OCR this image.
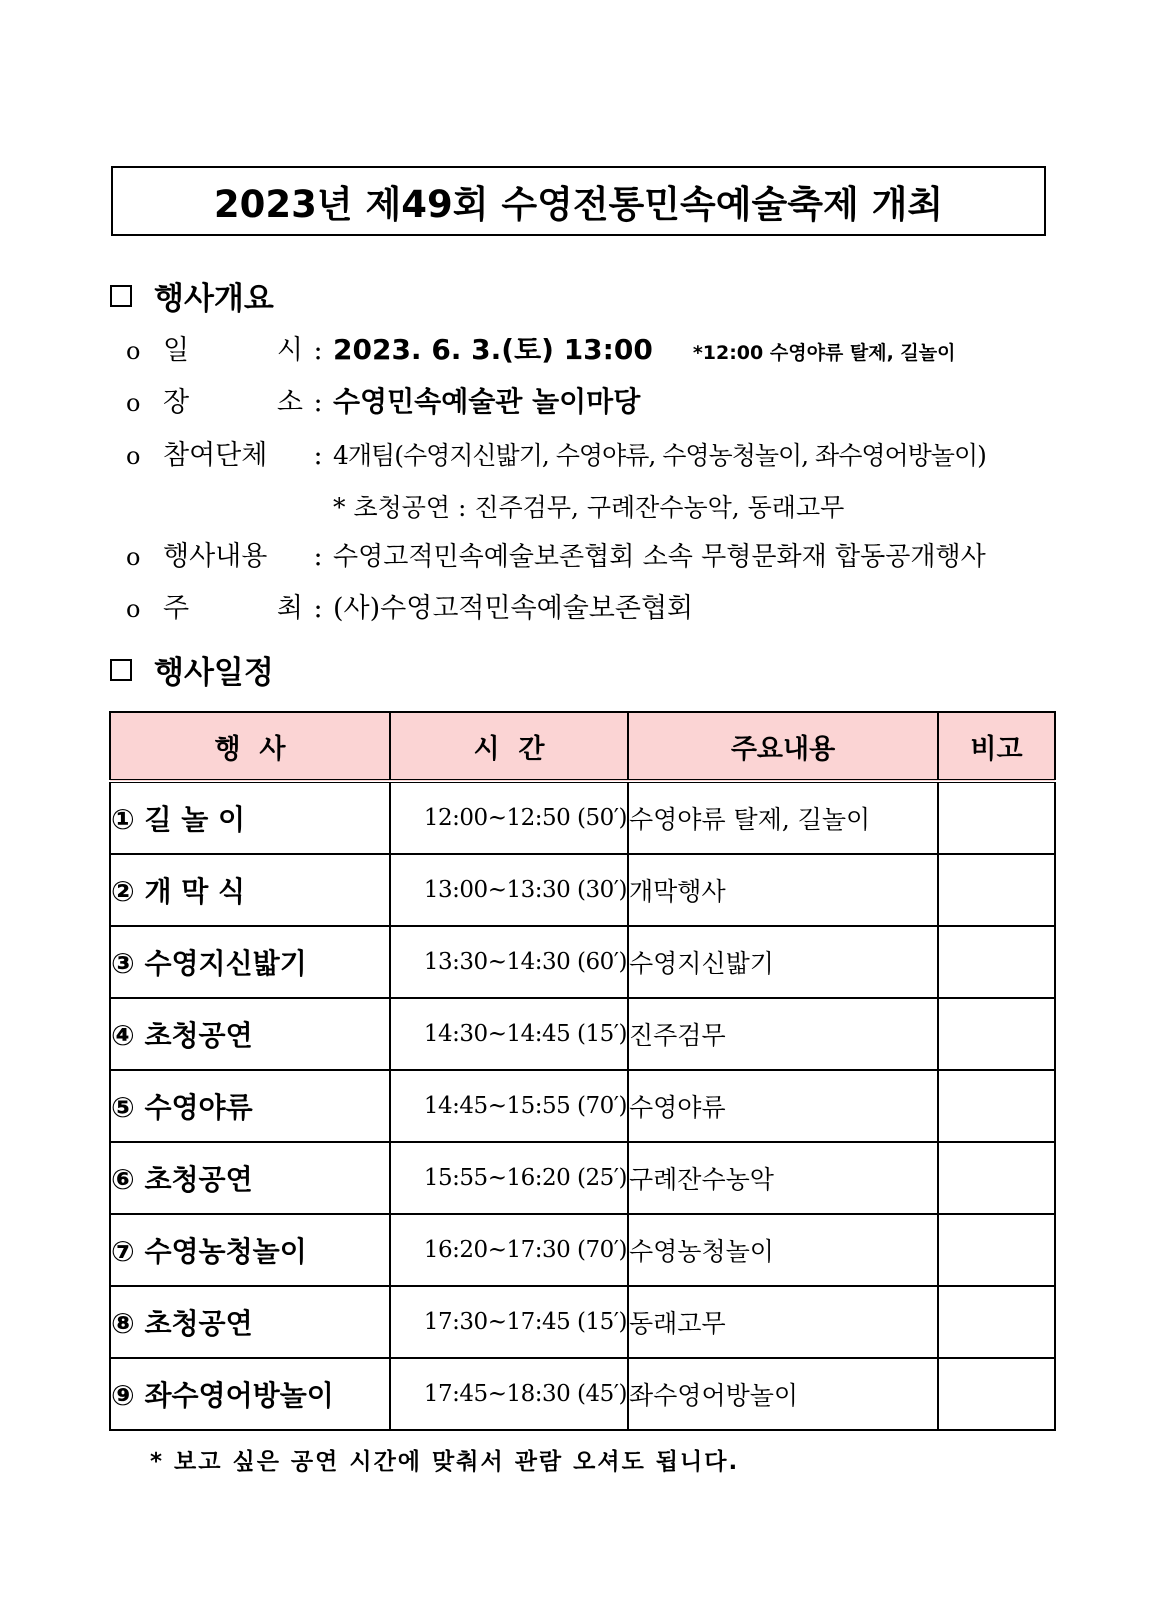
2023년 제49회 수영전통민속예술축제 개최
행사개요
o 일	시 : 2023. 6. 3.(토) 13:00 *12:00 수영야류 탈제, 길놀이
o 장	소 : 수영민속예술관 놀이마당
o 참여단체	: 4개팀(수영지신밟기, 수영야류, 수영농청놀이, 좌수영어방놀이)
* 초청공연 : 진주검무, 구례잔수농악, 동래고무
o 행사내용	: 수영고적민속예술보존협회 소속 무형문화재 합동공개행사
o 주	최 : (사)수영고적민속예술보존협회
행사일정
행  사	시  간	주요내용	비고
① 길 놀 이	12:00~12:50 (50′)	수영야류 탈제, 길놀이	
② 개 막 식	13:00~13:30 (30′)	개막행사	
③ 수영지신밟기	13:30~14:30 (60′)	수영지신밟기	
④ 초청공연	14:30~14:45 (15′)	진주검무	
⑤ 수영야류	14:45~15:55 (70′)	수영야류	
⑥ 초청공연	15:55~16:20 (25′)	구례잔수농악	
⑦ 수영농청놀이	16:20~17:30 (70′)	수영농청놀이	
⑧ 초청공연	17:30~17:45 (15′)	동래고무	
⑨ 좌수영어방놀이	17:45~18:30 (45′)	좌수영어방놀이	
* 보고 싶은 공연 시간에 맞춰서 관람 오셔도 됩니다.
